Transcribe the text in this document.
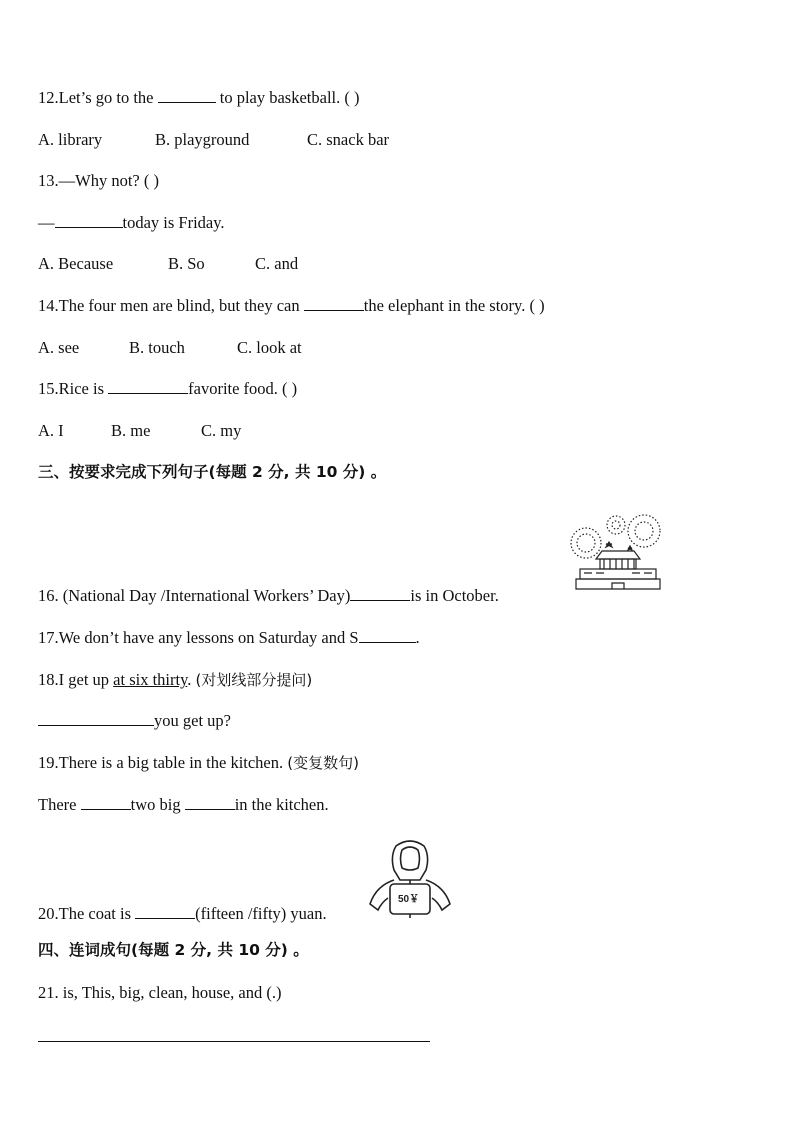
12.Let’s go to the	to play basketball. ( )
A. library	B. playground	C. snack bar
13.—Why not? ( )
—	today is Friday.
A. Because	B. So	C. and
14.The four men are blind, but they can	the elephant in the story. ( )
A. see	B. touch	C. look at
15.Rice is	favorite food. ( )
A. I	B. me	C. my
三、按要求完成下列句子(每题 2 分, 共 10 分) 。
16. (National Day /International Workers’ Day)	is in October.
17.We don’t have any lessons on Saturday and S	.
18.I get up at six thirty. (对划线部分提问)
you get up?
19.There is a big table in the kitchen. (变复数句)
There	two big	in the kitchen.
50￥
20.The coat is	(fifteen /fifty) yuan.
四、连词成句(每题 2 分, 共 10 分) 。
21. is, This, big, clean, house, and (.)
